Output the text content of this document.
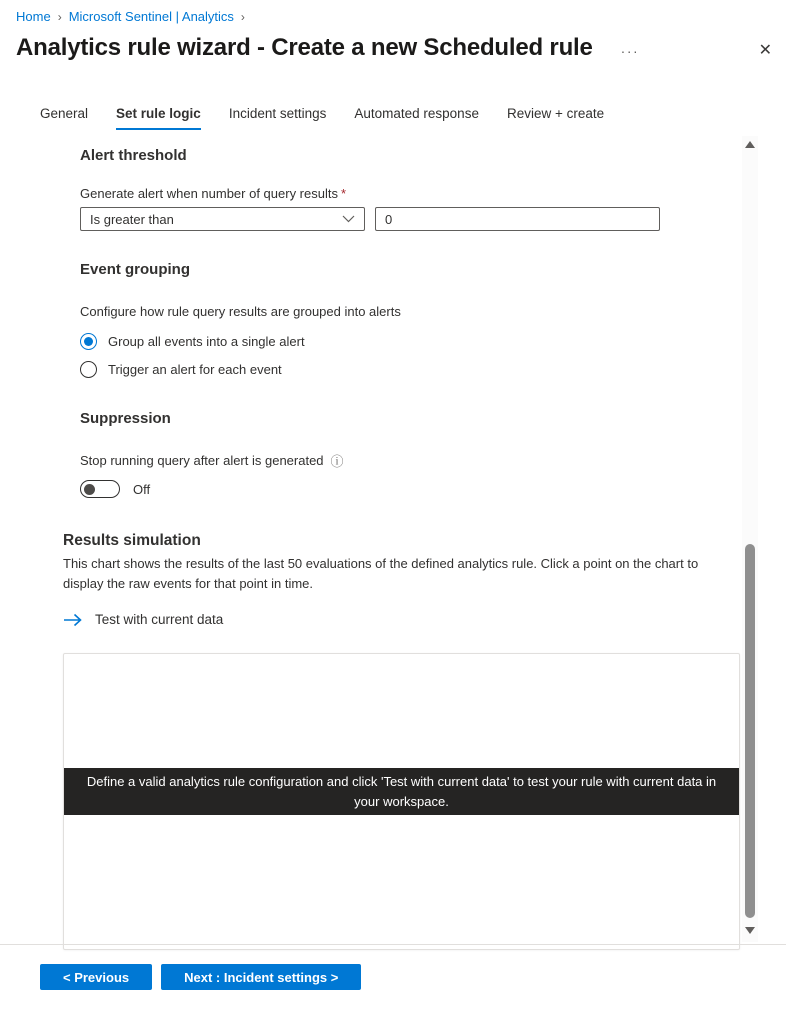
Home › Microsoft Sentinel | Analytics ›
Analytics rule wizard - Create a new Scheduled rule ···	✕
General Set rule logic Incident settings Automated response Review + create
Alert threshold
Generate alert when number of query results *
Is greater than
0
Event grouping
Configure how rule query results are grouped into alerts
Group all events into a single alert
Trigger an alert for each event
Suppression
Stop running query after alert is generated ⓘ
Off
Results simulation
This chart shows the results of the last 50 evaluations of the defined analytics rule. Click a point on the chart to display the raw events for that point in time.
Test with current data
Define a valid analytics rule configuration and click 'Test with current data' to test your rule with current data in your workspace.
< Previous	Next : Incident settings >
